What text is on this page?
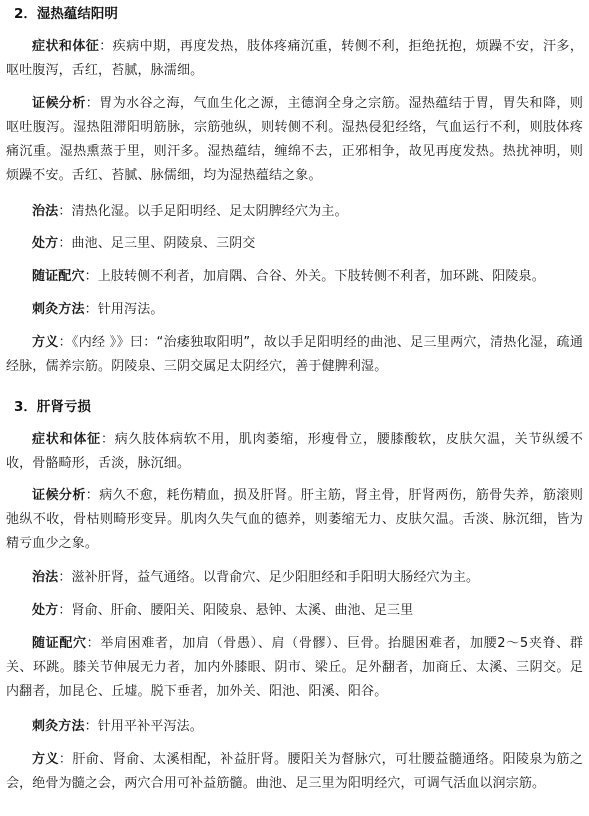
2．湿热蕴结阳明

症状和体征：疾病中期，再度发热，肢体疼痛沉重，转侧不利，拒绝抚抱，烦躁不安，汗多，呕吐腹泻，舌红，苔腻，脉濡细。

证候分析：胃为水谷之海，气血生化之源，主德润全身之宗筋。湿热蕴结于胃，胃失和降，则呕吐腹泻。湿热阻滞阳明筋脉，宗筋弛纵，则转侧不利。湿热侵犯经络，气血运行不利，则肢体疼痛沉重。湿热熏蒸于里，则汗多。湿热蕴结，缠绵不去，正邪相争，故见再度发热。热扰神明，则烦躁不安。舌红、苔腻、脉儒细，均为湿热蕴结之象。

治法：清热化湿。以手足阳明经、足太阴脾经穴为主。

处方：曲池、足三里、阴陵泉、三阴交

随证配穴：上肢转侧不利者，加肩隅、合谷、外关。下肢转侧不利者，加环跳、阳陵泉。

刺灸方法：针用泻法。

方义：《内经 》》曰：“治痿独取阳明”，故以手足阳明经的曲池、足三里两穴，清热化湿，疏通经脉，儒养宗筋。阴陵泉、三阴交属足太阴经穴，善于健脾利湿。

3．肝肾亏损

症状和体征：病久肢体病软不用，肌肉萎缩，形瘦骨立，腰膝酸软，皮肤欠温，关节纵缓不收，骨骼畸形，舌淡，脉沉细。

证候分析：病久不愈，耗伤精血，损及肝肾。肝主筋，肾主骨，肝肾两伤，筋骨失养，筋滚则弛纵不收，骨枯则畸形变异。肌肉久失气血的德养，则萎缩无力、皮肤欠温。舌淡、脉沉细，皆为精亏血少之象。

治法：滋补肝肾，益气通络。以背俞穴、足少阳胆经和手阳明大肠经穴为主。

处方：肾俞、肝俞、腰阳关、阳陵泉、悬钟、太溪、曲池、足三里

随证配穴：举肩困难者，加肩（骨愚）、肩（骨髎）、巨骨。抬腿困难者，加腰2～5夹脊、群关、环跳。膝关节伸展无力者，加内外膝眼、阴市、梁丘。足外翻者，加商丘、太溪、三阴交。足内翻者，加昆仑、丘墟。脱下垂者，加外关、阳池、阳溪、阳谷。

刺灸方法：针用平补平泻法。

方义：肝俞、肾俞、太溪相配，补益肝肾。腰阳关为督脉穴，可壮腰益髓通络。阳陵泉为筋之会，绝骨为髓之会，两穴合用可补益筋髓。曲池、足三里为阳明经穴，可调气活血以润宗筋。
